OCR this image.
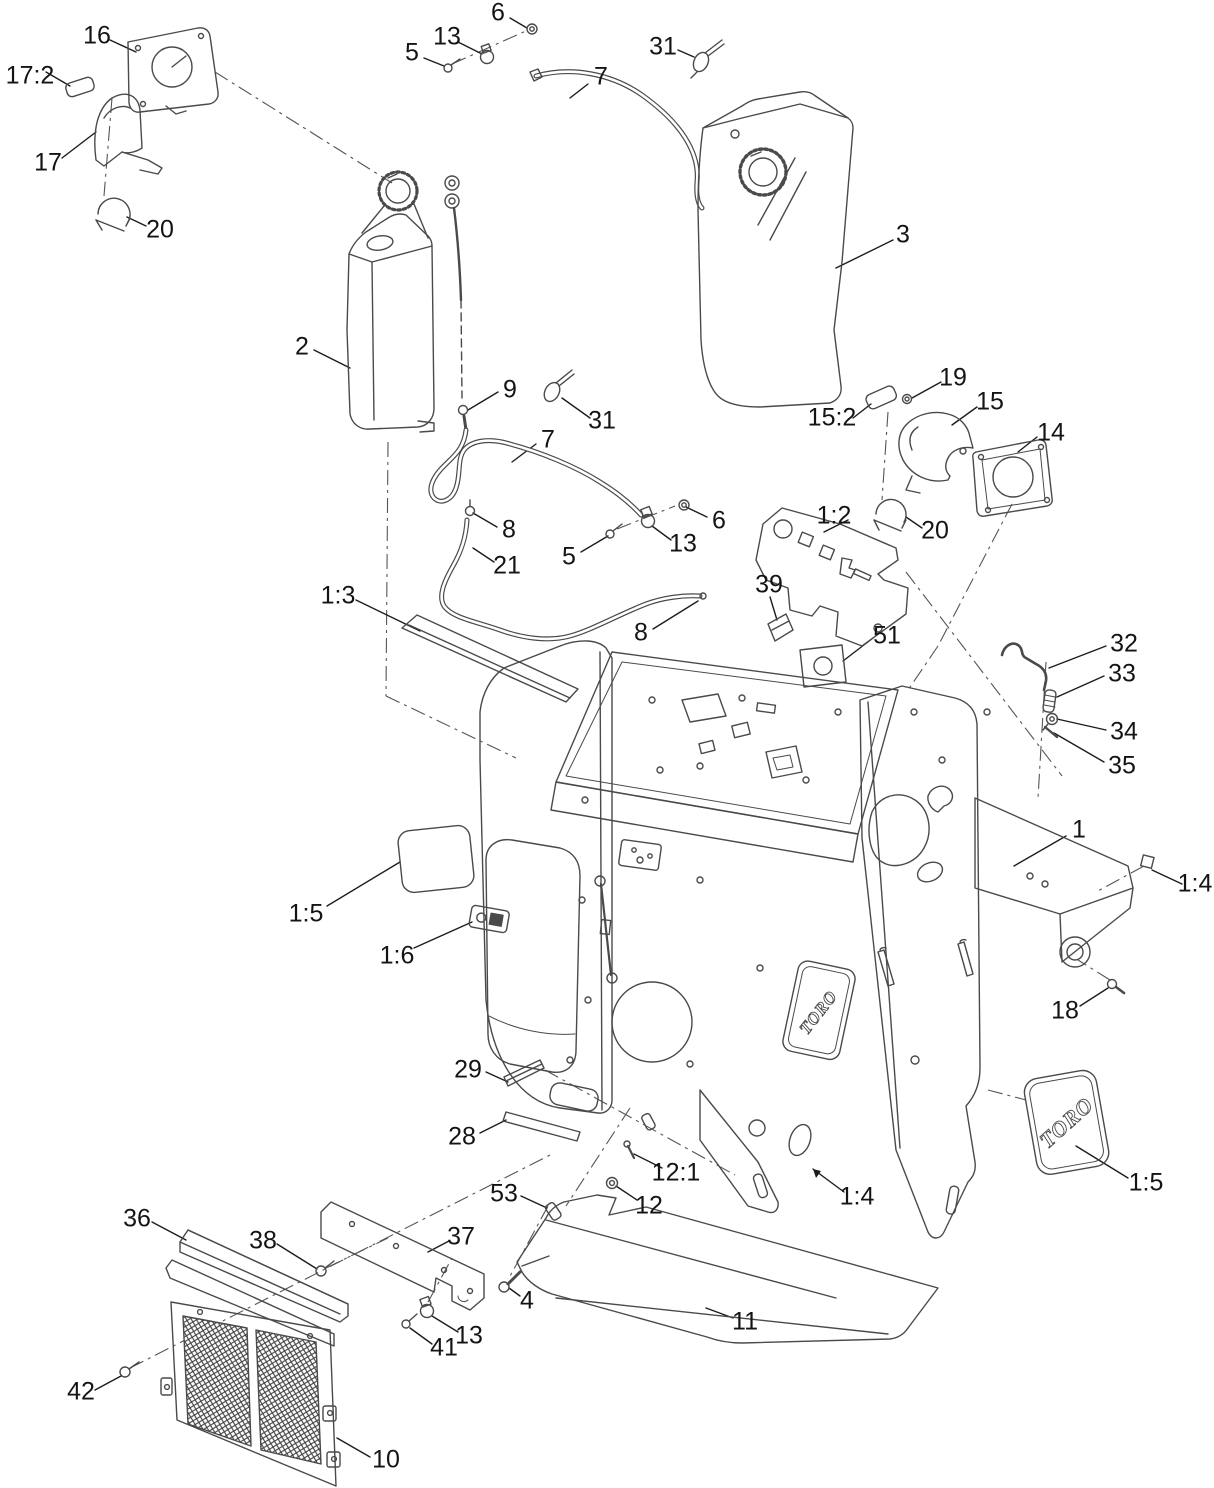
TORO
TORO
16
17:2
17
20
5
13
6
7
31
3
2
9
31
7
8
21 5	13
6
1:3
8
1:2
39
51
15:2
19
15
14
20
32
33
34
35
1
1:4
18
1:5
1:6
29
28
12:1
12
53
4
11
1:4	1:5
36
38	37
13
41
42
10
